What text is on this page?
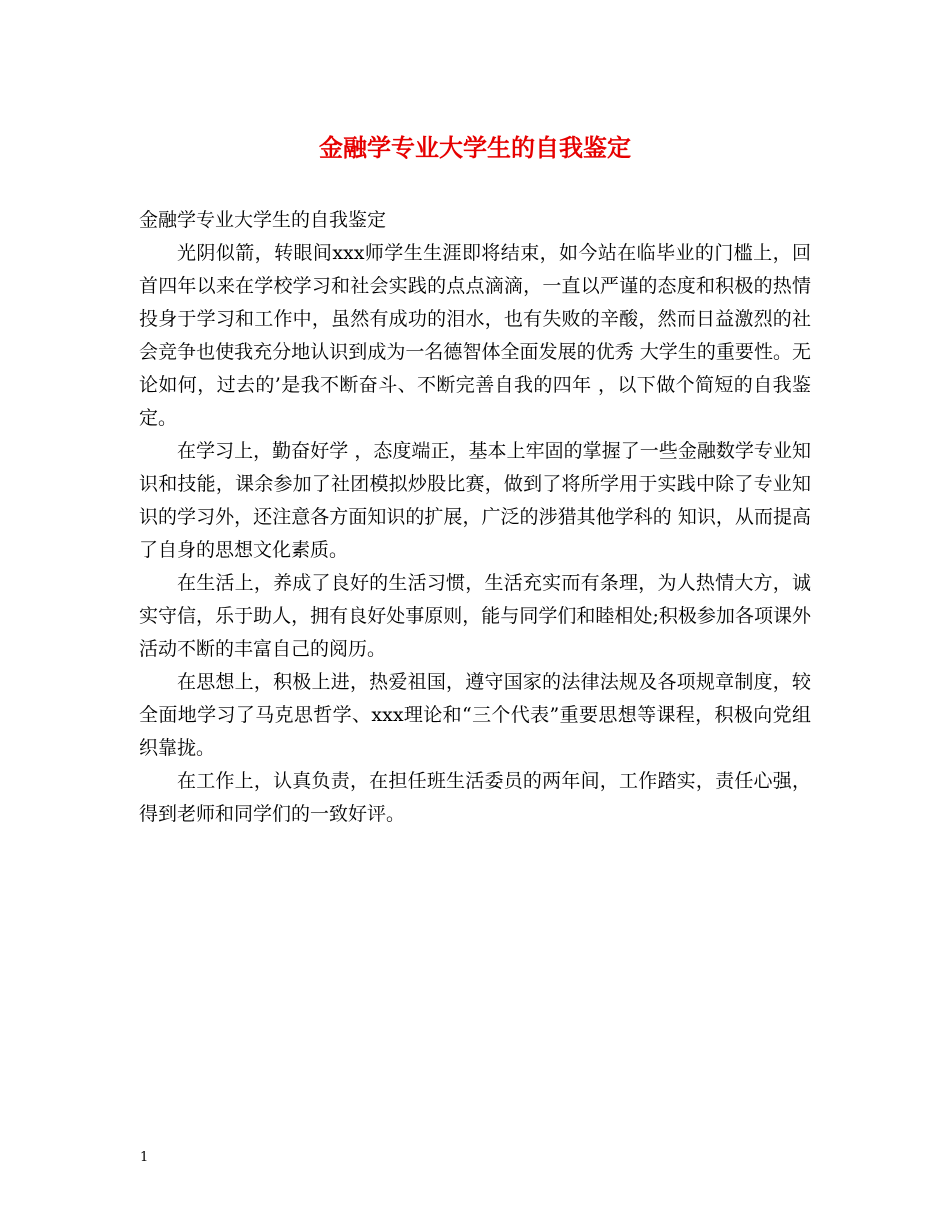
金融学专业大学生的自我鉴定

金融学专业大学生的自我鉴定

光阴似箭，转眼间xxx师学生生涯即将结束，如今站在临毕业的门槛上，回首四年以来在学校学习和社会实践的点点滴滴，一直以严谨的态度和积极的热情投身于学习和工作中，虽然有成功的泪水，也有失败的辛酸，然而日益激烈的社会竞争也使我充分地认识到成为一名德智体全面发展的优秀 大学生的重要性。无论如何，过去的’是我不断奋斗、不断完善自我的四年 ，以下做个简短的自我鉴定。

在学习上，勤奋好学 ，态度端正，基本上牢固的掌握了一些金融数学专业知识和技能，课余参加了社团模拟炒股比赛，做到了将所学用于实践中除了专业知识的学习外，还注意各方面知识的扩展，广泛的涉猎其他学科的 知识，从而提高了自身的思想文化素质。

在生活上，养成了良好的生活习惯，生活充实而有条理，为人热情大方，诚实守信，乐于助人，拥有良好处事原则，能与同学们和睦相处;积极参加各项课外活动不断的丰富自己的阅历。

在思想上，积极上进，热爱祖国，遵守国家的法律法规及各项规章制度，较全面地学习了马克思哲学、xxx理论和“三个代表”重要思想等课程，积极向党组织靠拢。

在工作上，认真负责，在担任班生活委员的两年间，工作踏实，责任心强，得到老师和同学们的一致好评。

1
